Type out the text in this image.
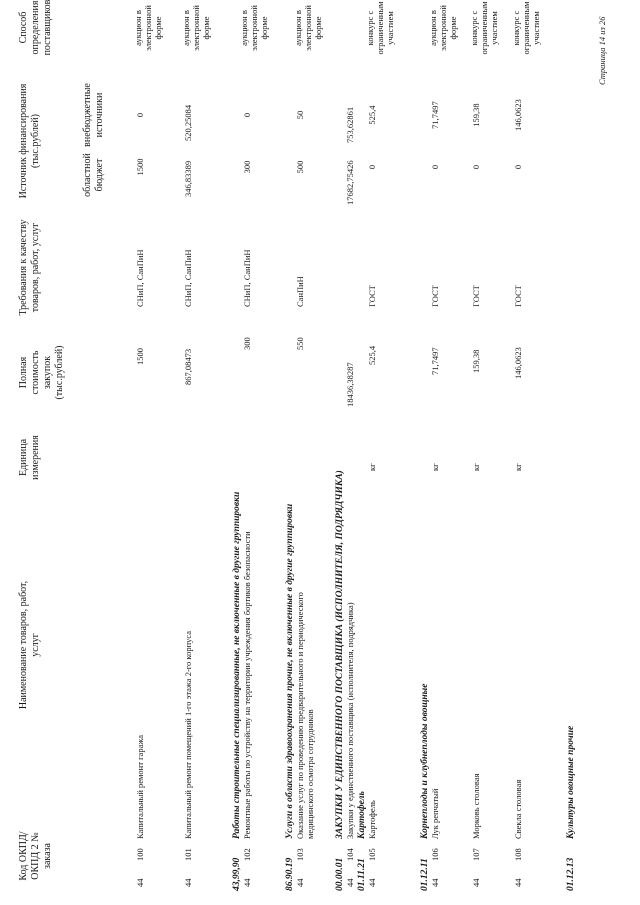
Код ОКПД/ ОКПД 2 № заказа
Наименование товаров, работ, услуг
Единица измерения
Полная стоимость закупок (тыс.рублей)
Требования к качеству товаров, работ, услуг
Источник финансирования (тыс.рублей)
областной бюджет
внебюджетные источники
Способ определения поставщиков
44
100
Капитальный ремонт гаража
1500
СНиП, СанПиН
1500
0
аукцион в электронной форме
44
101
Капитальный ремонт помещений 1-го этажа 2-го корпуса
867,08473
СНиП, СанПиН
346,83389
520,25084
аукцион в электронной форме
43,99,90
Работы строительные специализированные, не включенные в другие группировки
44
102
Ремонтные работы по устройству на территории учреждения бортиков безопасности
300
СНиП, СанПиН
300
0
аукцион в электронной форме
86.90.19
Услуги в области здравоохранения прочие, не включенные в другие группировки
44
103
Оказание услуг по проведению предварительного и периодического медицинского осмотра сотрудников
550
СанПиН
500
50
аукцион в электронной форме
00.00.01
ЗАКУПКИ У ЕДИНСТВЕННОГО ПОСТАВЩИКА (ИСПОЛНИТЕЛЯ, ПОДРЯДЧИКА)
44
104
Закупки у единственного поставщика (исполнителя, подрядчика)
18436,38287
17682,75426
753,62861
01.11.21
Картофель
44
105
Картофель
кг
525,4
ГОСТ
0
525,4
конкурс с ограниченным участием
01.12.11
Корнеплоды и клубнеплоды овощные
44
106
Лук репчатый
кг
71,7497
ГОСТ
0
71,7497
аукцион в электронной форме
44
107
Морковь столовая
кг
159,38
ГОСТ
0
159,38
конкурс с ограниченным участием
44
108
Свекла столовая
кг
146,0623
ГОСТ
0
146,0623
конкурс с ограниченным участием
01.12.13
Культуры овощные прочие
Страница 14 из 26
